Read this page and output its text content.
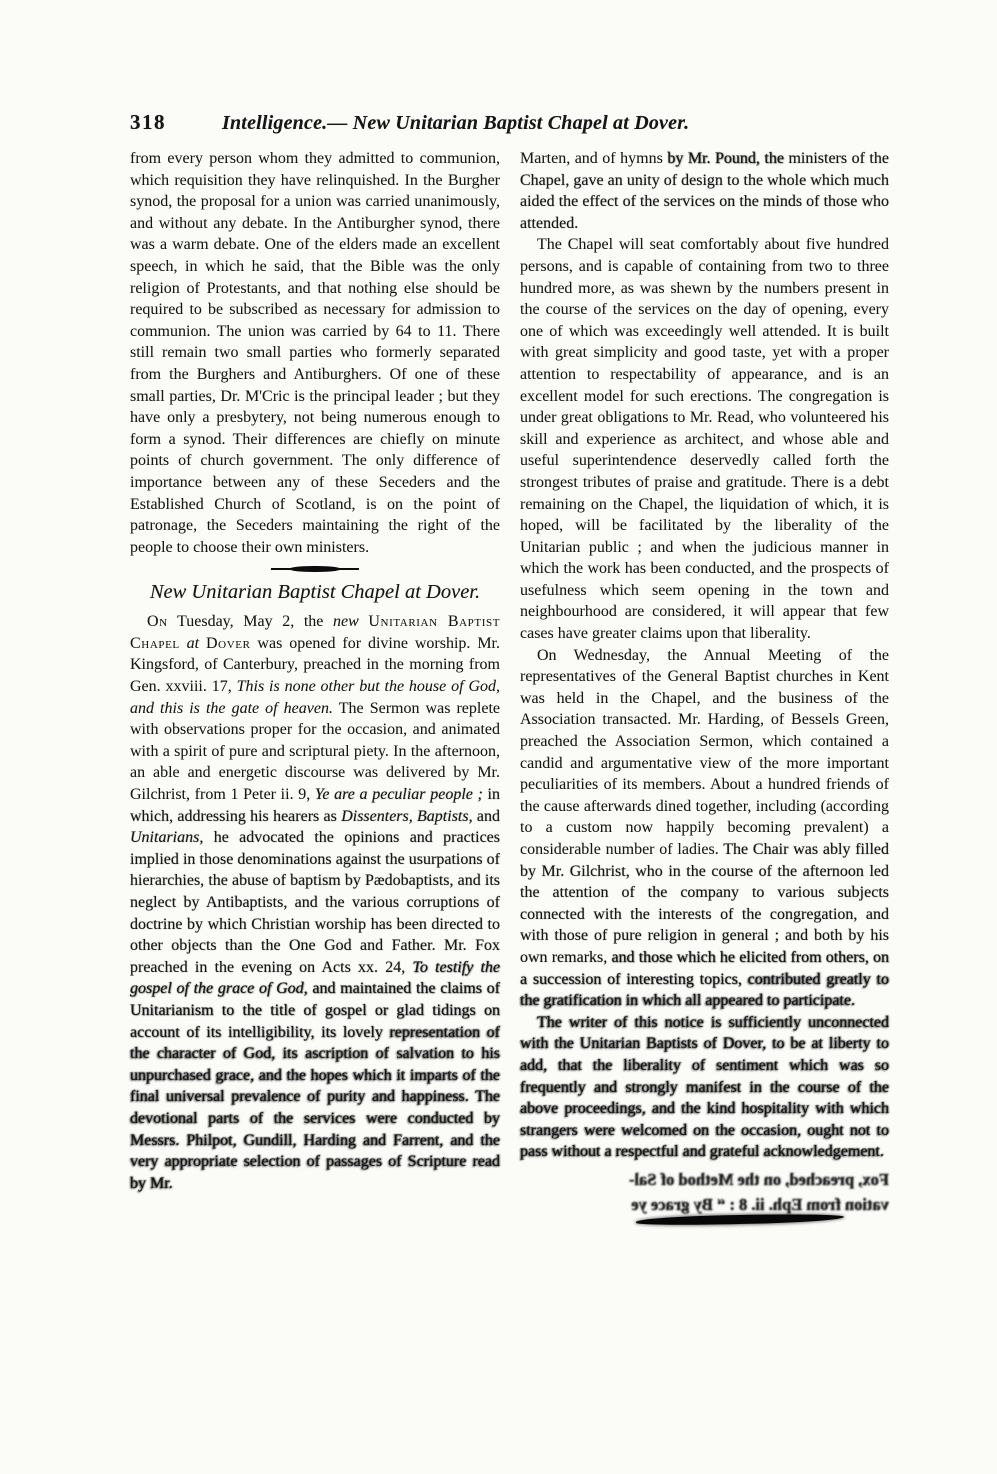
318	Intelligence.— New Unitarian Baptist Chapel at Dover.

from every person whom they admitted to communion, which requisition they have relinquished. In the Burgher synod, the proposal for a union was carried unanimously, and without any debate. In the Antiburgher synod, there was a warm debate. One of the elders made an excellent speech, in which he said, that the Bible was the only religion of Protestants, and that nothing else should be required to be subscribed as necessary for admission to communion. The union was carried by 64 to 11. There still remain two small parties who formerly separated from the Burghers and Antiburghers. Of one of these small parties, Dr. M'Cric is the principal leader ; but they have only a presbytery, not being numerous enough to form a synod. Their differences are chiefly on minute points of church government. The only difference of importance between any of these Seceders and the Established Church of Scotland, is on the point of patronage, the Seceders maintaining the right of the people to choose their own ministers.

New Unitarian Baptist Chapel at Dover.

On Tuesday, May 2, the new Unitarian Baptist Chapel at Dover was opened for divine worship. Mr. Kingsford, of Canterbury, preached in the morning from Gen. xxviii. 17, This is none other but the house of God, and this is the gate of heaven. The Sermon was replete with observations proper for the occasion, and animated with a spirit of pure and scriptural piety. In the afternoon, an able and energetic discourse was delivered by Mr. Gilchrist, from 1 Peter ii. 9, Ye are a peculiar people ; in which, addressing his hearers as Dissenters, Baptists, and Unitarians, he advocated the opinions and practices implied in those denominations against the usurpations of hierarchies, the abuse of baptism by Pædobaptists, and its neglect by Antibaptists, and the various corruptions of doctrine by which Christian worship has been directed to other objects than the One God and Father. Mr. Fox preached in the evening on Acts xx. 24, To testify the gospel of the grace of God, and maintained the claims of Unitarianism to the title of gospel or glad tidings on account of its intelligibility, its lovely representation of the character of God, its ascription of salvation to his unpurchased grace, and the hopes which it imparts of the final universal prevalence of purity and happiness. The devotional parts of the services were conducted by Messrs. Philpot, Gundill, Harding and Farrent, and the very appropriate selection of passages of Scripture read by Mr.

Marten, and of hymns by Mr. Pound, the ministers of the Chapel, gave an unity of design to the whole which much aided the effect of the services on the minds of those who attended.

The Chapel will seat comfortably about five hundred persons, and is capable of containing from two to three hundred more, as was shewn by the numbers present in the course of the services on the day of opening, every one of which was exceedingly well attended. It is built with great simplicity and good taste, yet with a proper attention to respectability of appearance, and is an excellent model for such erections. The congregation is under great obligations to Mr. Read, who volunteered his skill and experience as architect, and whose able and useful superintendence deservedly called forth the strongest tributes of praise and gratitude. There is a debt remaining on the Chapel, the liquidation of which, it is hoped, will be facilitated by the liberality of the Unitarian public ; and when the judicious manner in which the work has been conducted, and the prospects of usefulness which seem opening in the town and neighbourhood are considered, it will appear that few cases have greater claims upon that liberality.

On Wednesday, the Annual Meeting of the representatives of the General Baptist churches in Kent was held in the Chapel, and the business of the Association transacted. Mr. Harding, of Bessels Green, preached the Association Sermon, which contained a candid and argumentative view of the more important peculiarities of its members. About a hundred friends of the cause afterwards dined together, including (according to a custom now happily becoming prevalent) a considerable number of ladies. The Chair was ably filled by Mr. Gilchrist, who in the course of the afternoon led the attention of the company to various subjects connected with the interests of the congregation, and with those of pure religion in general ; and both by his own remarks, and those which he elicited from others, on a succession of interesting topics, contributed greatly to the gratification in which all appeared to participate.

The writer of this notice is sufficiently unconnected with the Unitarian Baptists of Dover, to be at liberty to add, that the liberality of sentiment which was so frequently and strongly manifest in the course of the above proceedings, and the kind hospitality with which strangers were welcomed on the occasion, ought not to pass without a respectful and grateful acknowledgement.

Fox, preached, on the Method of Sal-
vation from Eph. ii. 8 : “ By grace ye
